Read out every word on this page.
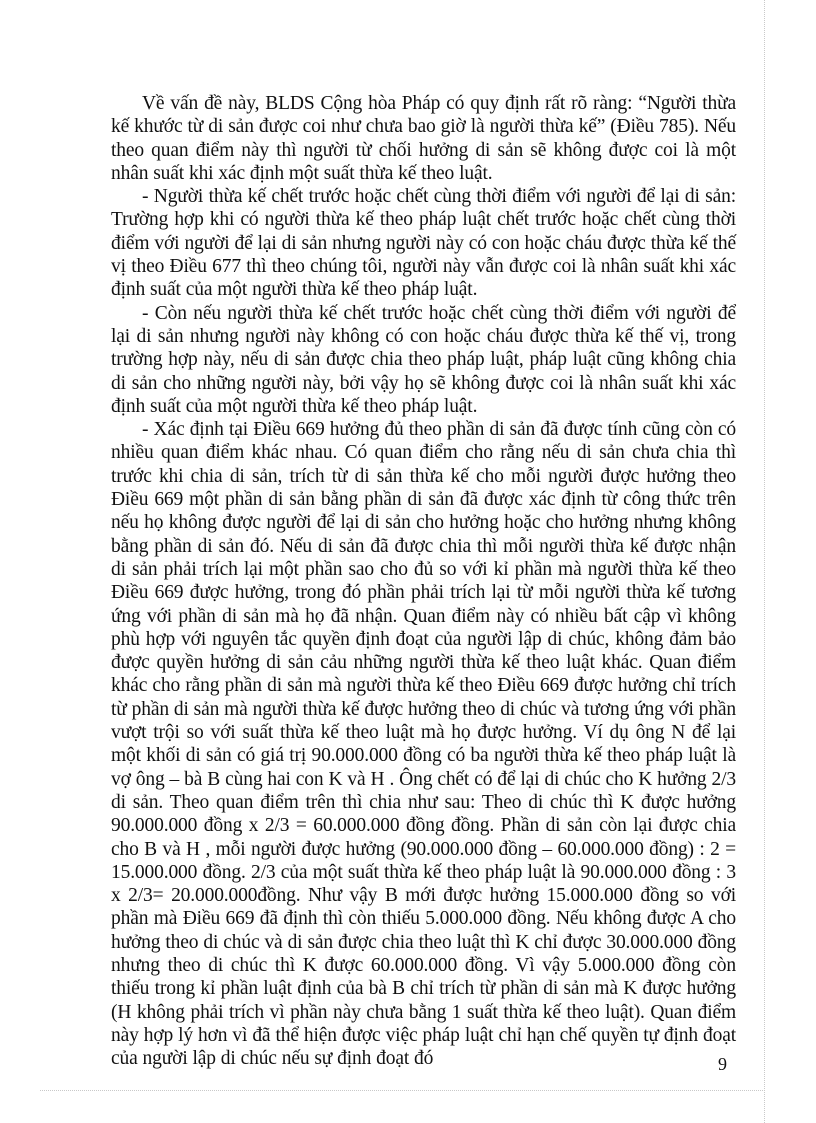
Về vấn đề này, BLDS Cộng hòa Pháp có quy định rất rõ ràng: “Người thừa kế khước từ di sản được coi như chưa bao giờ là người thừa kế” (Điều 785). Nếu theo quan điểm này thì người từ chối hưởng di sản sẽ không được coi là một nhân suất khi xác định một suất thừa kế theo luật.

- Người thừa kế chết trước hoặc chết cùng thời điểm với người để lại di sản: Trường hợp khi có người thừa kế theo pháp luật chết trước hoặc chết cùng thời điểm với người để lại di sản nhưng người này có con hoặc cháu được thừa kế thế vị theo Điều 677 thì theo chúng tôi, người này vẫn được coi là nhân suất khi xác định suất của một người thừa kế theo pháp luật.

- Còn nếu người thừa kế chết trước hoặc chết cùng thời điểm với người để lại di sản nhưng người này không có con hoặc cháu được thừa kế thế vị, trong trường hợp này, nếu di sản được chia theo pháp luật, pháp luật cũng không chia di sản cho những người này, bởi vậy họ sẽ không được coi là nhân suất khi xác định suất của một người thừa kế theo pháp luật.

- Xác định tại Điều 669 hưởng đủ theo phần di sản đã được tính cũng còn có nhiều quan điểm khác nhau. Có quan điểm cho rằng nếu di sản chưa chia thì trước khi chia di sản, trích từ di sản thừa kế cho mỗi người được hưởng theo Điều 669 một phần di sản bằng phần di sản đã được xác định từ công thức trên nếu họ không được người để lại di sản cho hưởng hoặc cho hưởng nhưng không bằng phần di sản đó. Nếu di sản đã được chia thì mỗi người thừa kế được nhận di sản phải trích lại một phần sao cho đủ so với kỉ phần mà người thừa kế theo Điều 669 được hưởng, trong đó phần phải trích lại từ mỗi người thừa kế tương ứng với phần di sản mà họ đã nhận. Quan điểm này có nhiều bất cập vì không phù hợp với nguyên tắc quyền định đoạt của người lập di chúc, không đảm bảo được quyền hưởng di sản cảu những người thừa kế theo luật khác. Quan điểm khác cho rằng phần di sản mà người thừa kế theo Điều 669 được hưởng chỉ trích từ phần di sản mà người thừa kế được hưởng theo di chúc và tương ứng với phần vượt trội so với suất thừa kế theo luật mà họ được hưởng. Ví dụ ông N để lại một khối di sản có giá trị 90.000.000 đồng có ba người thừa kế theo pháp luật là vợ ông – bà B cùng hai con K và H . Ông chết có để lại di chúc cho K hưởng 2/3 di sản. Theo quan điểm trên thì chia như sau: Theo di chúc thì K được hưởng 90.000.000 đồng x 2/3 = 60.000.000 đồng đồng. Phần di sản còn lại được chia cho B và H , mỗi người được hưởng (90.000.000 đồng – 60.000.000 đồng) : 2 = 15.000.000 đồng. 2/3 của một suất thừa kế theo pháp luật là 90.000.000 đồng : 3 x 2/3= 20.000.000đồng. Như vậy B mới được hưởng 15.000.000 đồng so với phần mà Điều 669 đã định thì còn thiếu 5.000.000 đồng. Nếu không được A cho hưởng theo di chúc và di sản được chia theo luật thì K chỉ được 30.000.000 đồng nhưng theo di chúc thì K được 60.000.000 đồng. Vì vậy 5.000.000 đồng còn thiếu trong kỉ phần luật định của bà B chỉ trích từ phần di sản mà K được hưởng (H không phải trích vì phần này chưa bằng 1 suất thừa kế theo luật). Quan điểm này hợp lý hơn vì đã thể hiện được việc pháp luật chỉ hạn chế quyền tự định đoạt của người lập di chúc nếu sự định đoạt đó	9
